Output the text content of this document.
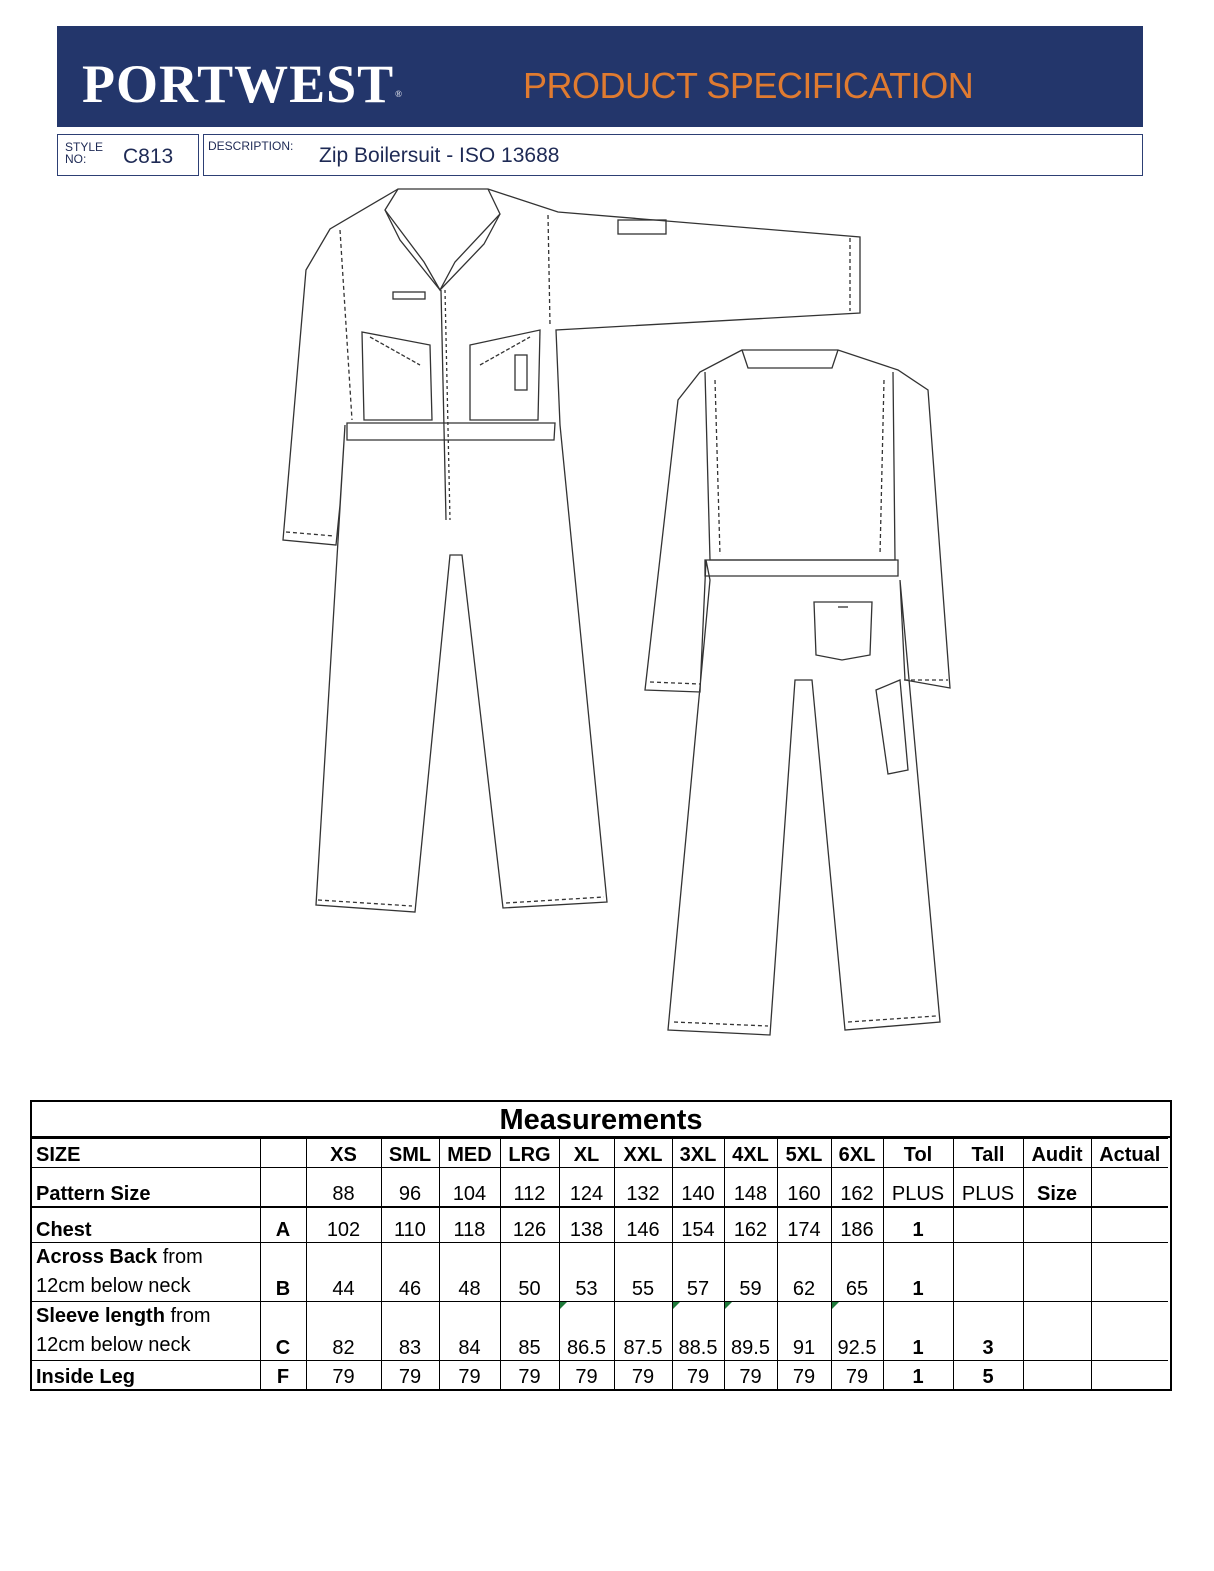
PORTWEST®	PRODUCT SPECIFICATION
STYLE NO:	C813	DESCRIPTION: Zip Boilersuit - ISO 13688
Measurements
SIZE		XS	SML	MED	LRG	XL	XXL	3XL	4XL	5XL	6XL	Tol	Tall	Audit	Actual
Pattern Size		88	96	104	112	124	132	140	148	160	162	PLUS	PLUS	Size	
Chest	A	102	110	118	126	138	146	154	162	174	186	1			
Across Back from
12cm below neck	B	44	46	48	50	53	55	57	59	62	65	1			
Sleeve length from
12cm below neck	C	82	83	84	85	86.5	87.5	88.5	89.5	91	92.5	1	3		
Inside Leg	F	79	79	79	79	79	79	79	79	79	79	1	5		
